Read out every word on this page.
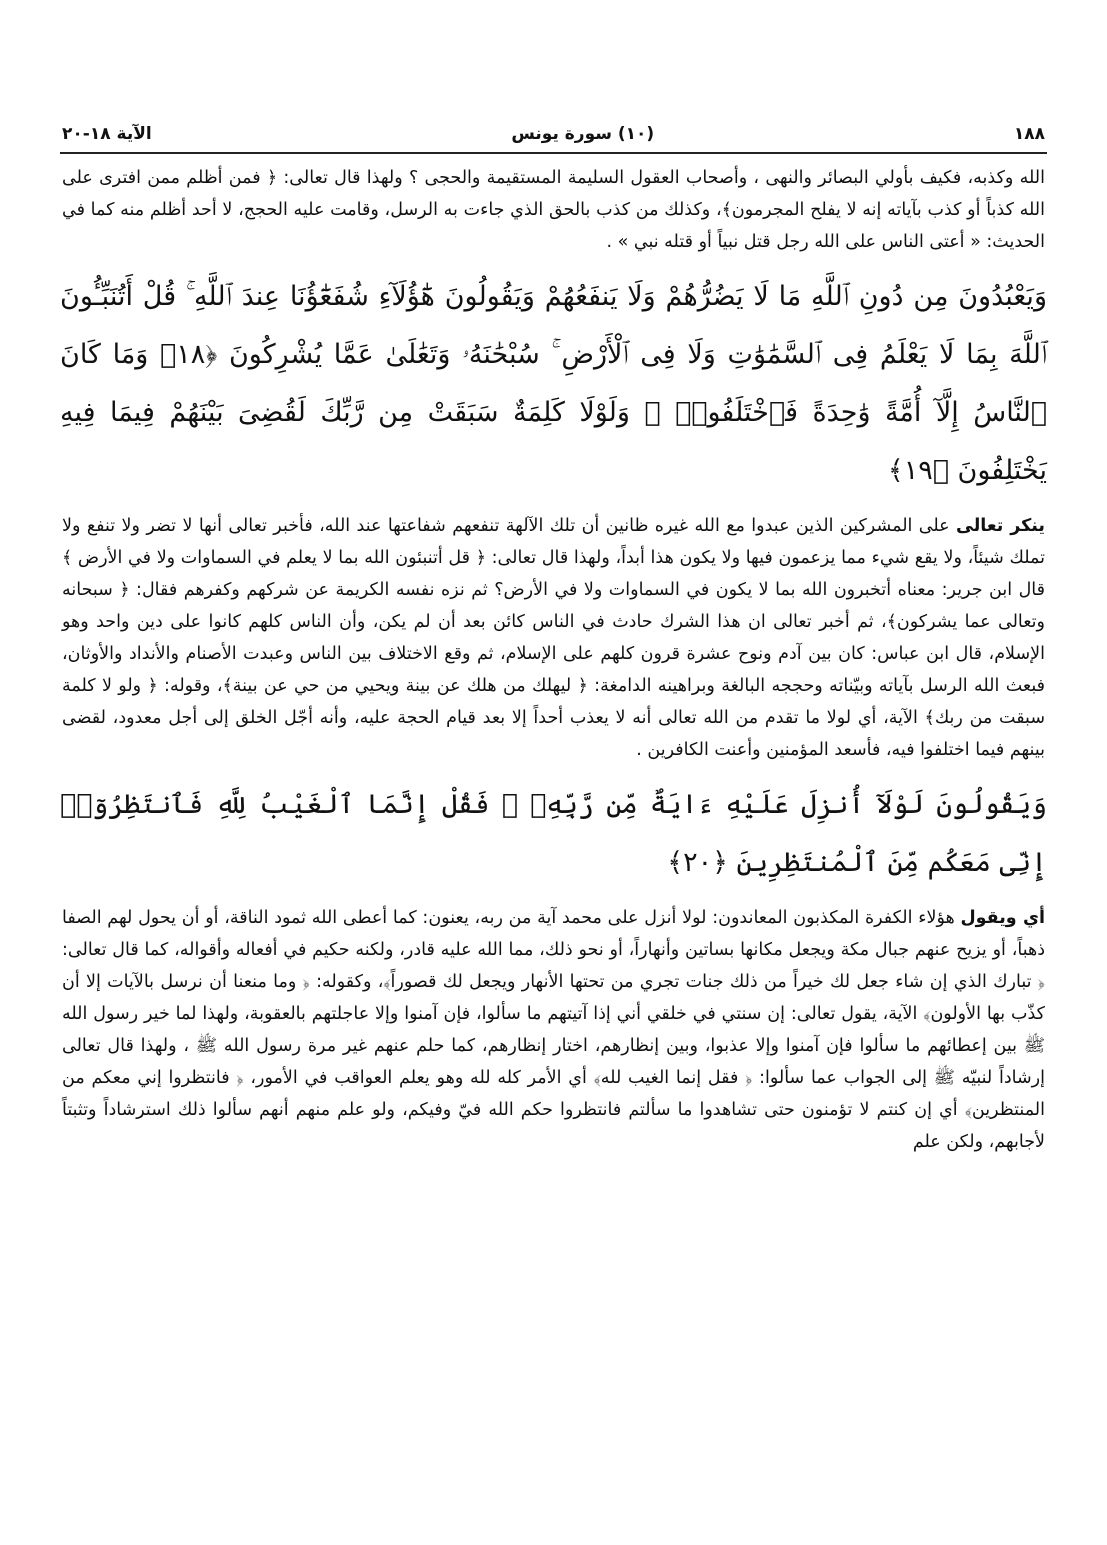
١٨٨
(١٠) سورة يونس
الآية ١٨-٢٠

الله وكذبه، فكيف بأولي البصائر والنهى ، وأصحاب العقول السليمة المستقيمة والحجى ؟ ولهذا قال تعالى: ﴿ فمن أظلم ممن افترى على الله كذباً أو كذب بآياته إنه لا يفلح المجرمون﴾، وكذلك من كذب بالحق الذي جاءت به الرسل، وقامت عليه الحجج، لا أحد أظلم منه كما في الحديث: « أعتى الناس على الله رجل قتل نبياً أو قتله نبي » .

وَيَعْبُدُونَ مِن دُونِ ٱللَّهِ مَا لَا يَضُرُّهُمْ وَلَا يَنفَعُهُمْ وَيَقُولُونَ هَٰٓؤُلَآءِ شُفَعَٰٓؤُنَا عِندَ ٱللَّهِ ۚ قُلْ أَتُنَبِّـُٔونَ ٱللَّهَ بِمَا لَا يَعْلَمُ فِى ٱلسَّمَٰوَٰتِ وَلَا فِى ٱلْأَرْضِ ۚ سُبْحَٰنَهُۥ وَتَعَٰلَىٰ عَمَّا يُشْرِكُونَ ﴿١٨﴾ وَمَا كَانَ ٱلنَّاسُ إِلَّآ أُمَّةً وَٰحِدَةً فَٱخْتَلَفُوا۟ ۚ وَلَوْلَا كَلِمَةٌ سَبَقَتْ مِن رَّبِّكَ لَقُضِىَ بَيْنَهُمْ فِيمَا فِيهِ يَخْتَلِفُونَ ﴿١٩﴾

ينكر تعالى على المشركين الذين عبدوا مع الله غيره ظانين أن تلك الآلهة تنفعهم شفاعتها عند الله، فأخبر تعالى أنها لا تضر ولا تنفع ولا تملك شيئاً، ولا يقع شيء مما يزعمون فيها ولا يكون هذا أبداً، ولهذا قال تعالى: ﴿ قل أتنبئون الله بما لا يعلم في السماوات ولا في الأرض ﴾قال ابن جرير: معناه أتخبرون الله بما لا يكون في السماوات ولا في الأرض؟ ثم نزه نفسه الكريمة عن شركهم وكفرهم فقال: ﴿ سبحانه وتعالى عما يشركون﴾، ثم أخبر تعالى ان هذا الشرك حادث في الناس كائن بعد أن لم يكن، وأن الناس كلهم كانوا على دين واحد وهو الإسلام، قال ابن عباس: كان بين آدم ونوح عشرة قرون كلهم على الإسلام، ثم وقع الاختلاف بين الناس وعبدت الأصنام والأنداد والأوثان، فبعث الله الرسل بآياته وبيّناته وحججه البالغة وبراهينه الدامغة: ﴿ ليهلك من هلك عن بينة ويحيي من حي عن بينة﴾، وقوله: ﴿ ولو لا كلمة سبقت من ربك﴾ الآية، أي لولا ما تقدم من الله تعالى أنه لا يعذب أحداً إلا بعد قيام الحجة عليه، وأنه أجّل الخلق إلى أجل معدود، لقضى بينهم فيما اختلفوا فيه، فأسعد المؤمنين وأعنت الكافرين .

وَيَقُولُونَ لَوْلَآ أُنزِلَ عَلَيْهِ ءَايَةٌ مِّن رَّبِّهِۦ ۖ فَقُلْ إِنَّمَا ٱلْغَيْبُ لِلَّهِ فَٱنتَظِرُوٓا۟ إِنِّى مَعَكُم مِّنَ ٱلْمُنتَظِرِينَ ﴿٢٠﴾

أي ويقول هؤلاء الكفرة المكذبون المعاندون: لولا أنزل على محمد آية من ربه، يعنون: كما أعطى الله ثمود الناقة، أو أن يحول لهم الصفا ذهباً، أو يزيح عنهم جبال مكة ويجعل مكانها بساتين وأنهاراً، أو نحو ذلك، مما الله عليه قادر، ولكنه حكيم في أفعاله وأقواله، كما قال تعالى: ﴿ تبارك الذي إن شاء جعل لك خيراً من ذلك جنات تجري من تحتها الأنهار ويجعل لك قصوراً﴾، وكقوله: ﴿ وما منعنا أن نرسل بالآيات إلا أن كذّب بها الأولون﴾ الآية، يقول تعالى: إن سنتي في خلقي أني إذا آتيتهم ما سألوا، فإن آمنوا وإلا عاجلتهم بالعقوبة، ولهذا لما خير رسول الله ﷺ بين إعطائهم ما سألوا فإن آمنوا وإلا عذبوا، وبين إنظارهم، اختار إنظارهم، كما حلم عنهم غير مرة رسول الله ﷺ ، ولهذا قال تعالى إرشاداً لنبيّه ﷺ إلى الجواب عما سألوا: ﴿ فقل إنما الغيب لله﴾ أي الأمر كله لله وهو يعلم العواقب في الأمور، ﴿ فانتظروا إني معكم من المنتظرين﴾ أي إن كنتم لا تؤمنون حتى تشاهدوا ما سألتم فانتظروا حكم الله فيّ وفيكم، ولو علم منهم أنهم سألوا ذلك استرشاداً وتثبتاً لأجابهم، ولكن علم
